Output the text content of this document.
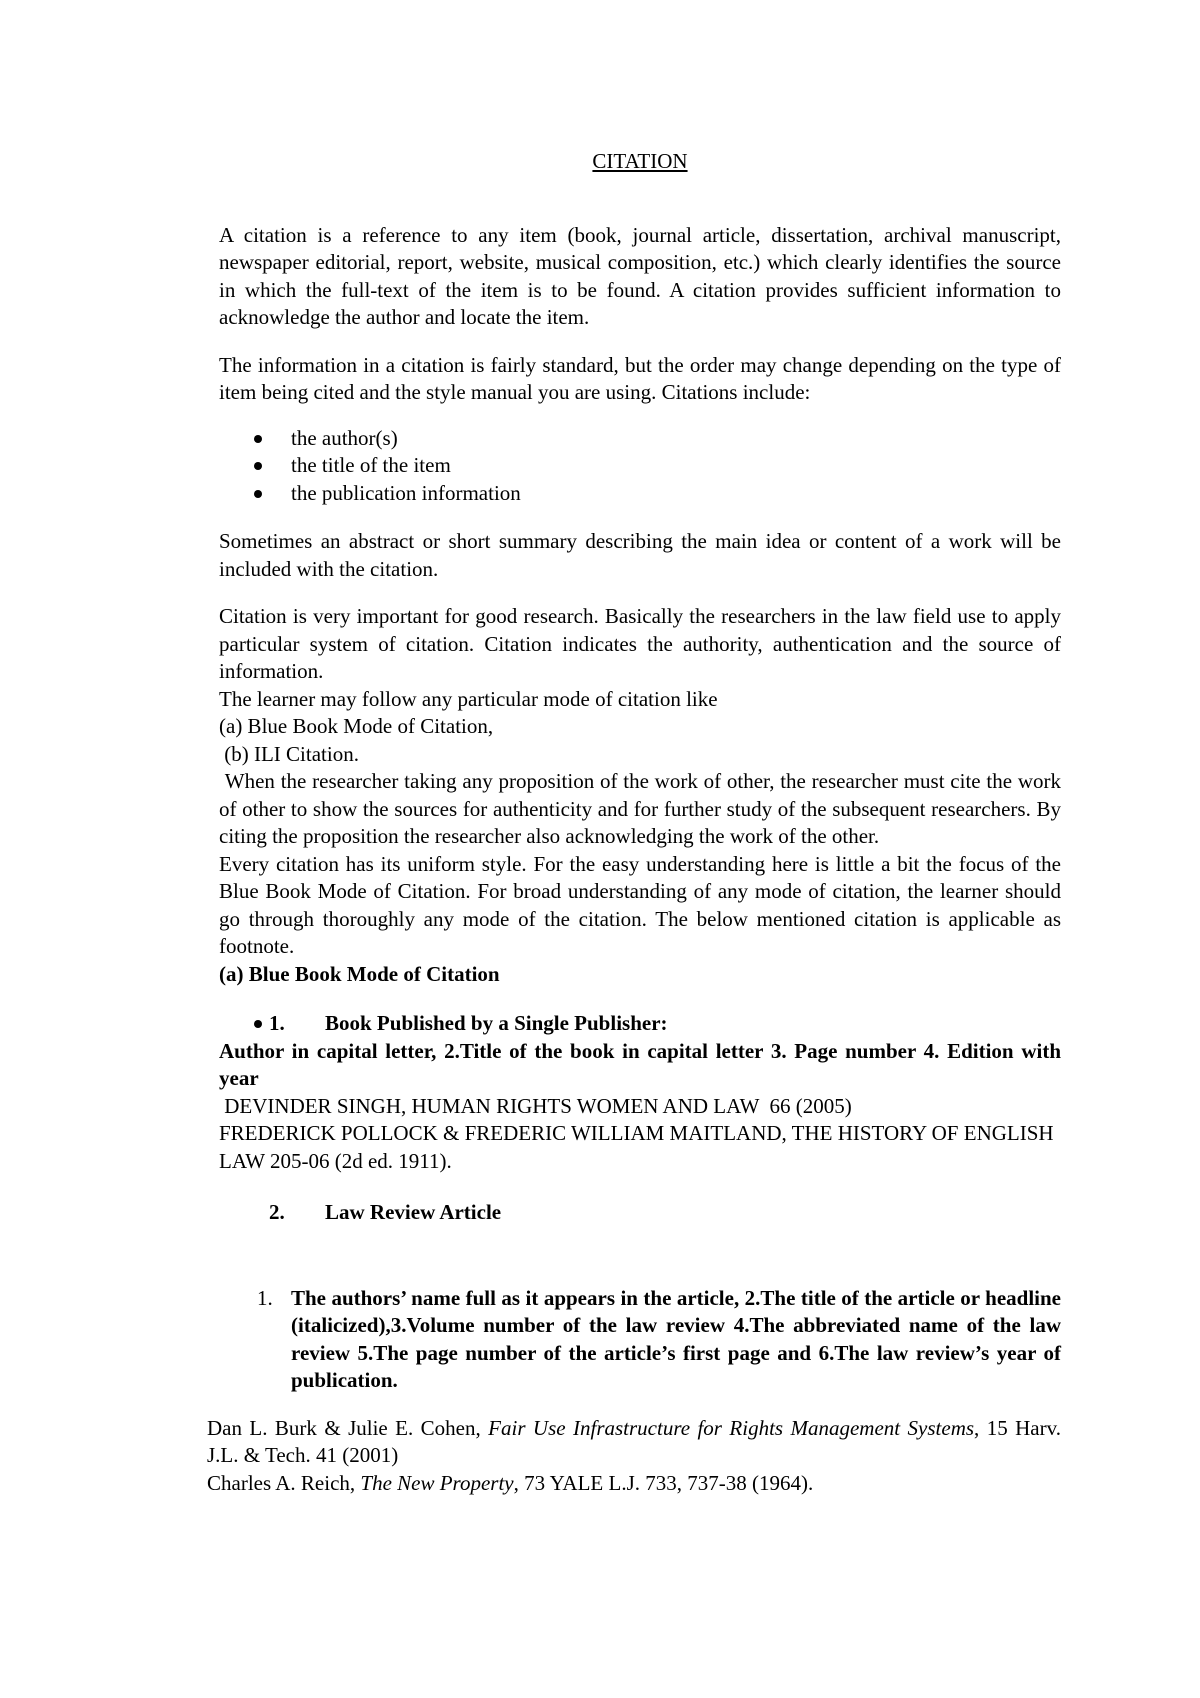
CITATION

A citation is a reference to any item (book, journal article, dissertation, archival manuscript, newspaper editorial, report, website, musical composition, etc.) which clearly identifies the source in which the full-text of the item is to be found. A citation provides sufficient information to acknowledge the author and locate the item.

The information in a citation is fairly standard, but the order may change depending on the type of item being cited and the style manual you are using. Citations include:

the author(s)
the title of the item
the publication information

Sometimes an abstract or short summary describing the main idea or content of a work will be included with the citation.

Citation is very important for good research. Basically the researchers in the law field use to apply particular system of citation. Citation indicates the authority, authentication and the source of information.

The learner may follow any particular mode of citation like

(a) Blue Book Mode of Citation,

(b) ILI Citation.

When the researcher taking any proposition of the work of other, the researcher must cite the work of other to show the sources for authenticity and for further study of the subsequent researchers. By citing the proposition the researcher also acknowledging the work of the other.

Every citation has its uniform style. For the easy understanding here is little a bit the focus of the Blue Book Mode of Citation. For broad understanding of any mode of citation, the learner should go through thoroughly any mode of the citation. The below mentioned citation is applicable as footnote.

(a) Blue Book Mode of Citation

1. Book Published by a Single Publisher:

Author in capital letter, 2.Title of the book in capital letter 3. Page number 4. Edition with year

DEVINDER SINGH, HUMAN RIGHTS WOMEN AND LAW  66 (2005)

FREDERICK POLLOCK & FREDERIC WILLIAM MAITLAND, THE HISTORY OF ENGLISH LAW 205-06 (2d ed. 1911).

2. Law Review Article
1. The authors’ name full as it appears in the article, 2.The title of the article or headline (italicized),3.Volume number of the law review 4.The abbreviated name of the law review 5.The page number of the article’s first page and 6.The law review’s year of publication.

Dan L. Burk & Julie E. Cohen, Fair Use Infrastructure for Rights Management Systems, 15 Harv. J.L. & Tech. 41 (2001)

Charles A. Reich, The New Property, 73 YALE L.J. 733, 737-38 (1964).
